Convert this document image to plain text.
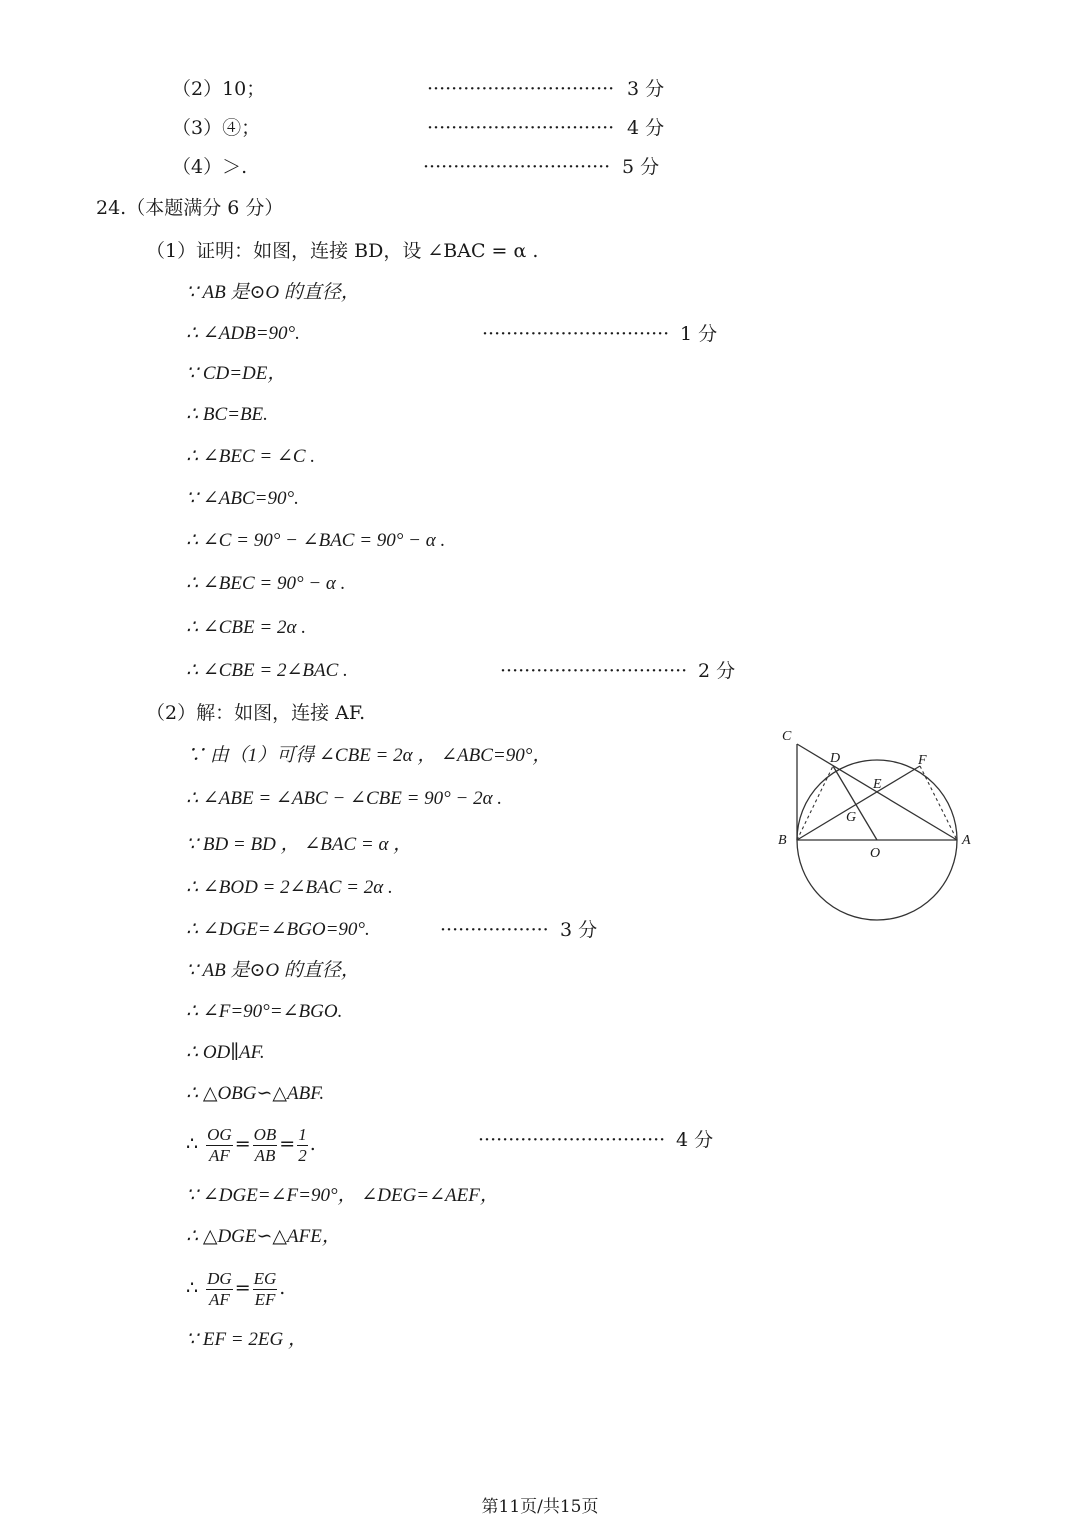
（2）10；	······························· 3 分
（3）④；	······························· 4 分
（4）＞.	······························· 5 分
24.（本题满分 6 分）
（1）证明：如图，连接 BD，设 ∠BAC = α .
∵ AB 是⊙O 的直径，
∴ ∠ADB=90°.	······························· 1 分
∵ CD=DE，
∴ BC=BE.
∴ ∠BEC = ∠C .
∵ ∠ABC=90°.
∴ ∠C = 90° − ∠BAC = 90° − α .
∴ ∠BEC = 90° − α .
∴ ∠CBE = 2α .
∴ ∠CBE = 2∠BAC .	······························· 2 分
（2）解：如图，连接 AF.
∵ 由（1）可得 ∠CBE = 2α ， ∠ABC=90°，
∴ ∠ABE = ∠ABC − ∠CBE = 90° − 2α .
∵ BD = BD ， ∠BAC = α ，
∴ ∠BOD = 2∠BAC = 2α .
∴ ∠DGE=∠BGO=90°.	·················· 3 分
∵ AB 是⊙O 的直径，
∴ ∠F=90°=∠BGO.
∴ OD∥AF.
∴ △OBG∽△ABF.
∴ $\frac{OG}{AF} = \frac{OB}{AB} = \frac{1}{2}$ .	······························· 4 分
∵ ∠DGE=∠F=90°， ∠DEG=∠AEF，
∴ △DGE∽△AFE，
∴ $\frac{DG}{AF} = \frac{EG}{EF}$ .
∵ EF = 2EG ，
C
D	F
E
G
B
O
A
第11页/共15页
